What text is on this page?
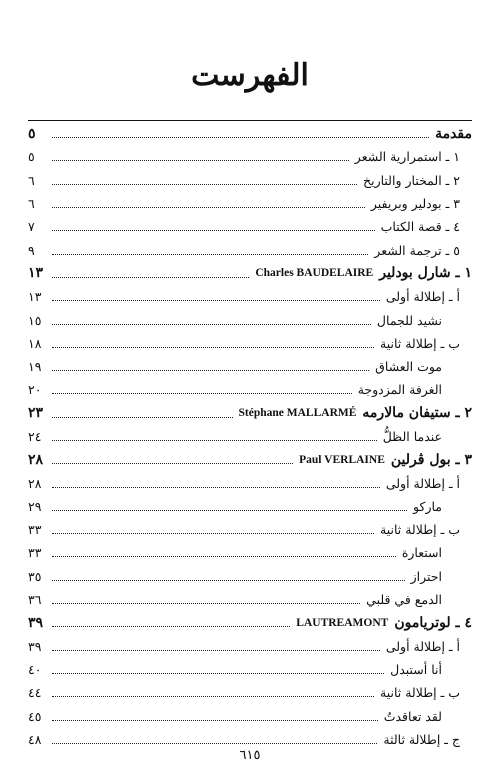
الفهرست
مقدمة
٥
١ ـ استمرارية الشعر
٥
٢ ـ المختار والتاريخ
٦
٣ ـ بودلير وبريفير
٦
٤ ـ قصة الكتاب
٧
٥ ـ ترجمة الشعر
٩
١ ـ شارل بودلير
Charles BAUDELAIRE
١٣
أ ـ إطلالة أولى
١٣
نشيد للجمال
١٥
ب ـ إطلالة ثانية
١٨
موت العشاق
١٩
الغرفة المزدوجة
٢٠
٢ ـ ستيفان مالارمه
Stéphane MALLARMÉ
٢٣
عندما الظلُّ
٢٤
٣ ـ بول ڤرلين
Paul VERLAINE
٢٨
أ ـ إطلالة أولى
٢٨
ماركو
٢٩
ب ـ إطلالة ثانية
٣٣
استعارة
٣٣
احتراز
٣٥
الدمع في قلبي
٣٦
٤ ـ لوتريامون
LAUTREAMONT
٣٩
أ ـ إطلالة أولى
٣٩
أنا أستبدل
٤٠
ب ـ إطلالة ثانية
٤٤
لقد تعاقدتُ
٤٥
ج ـ إطلالة ثالثة
٤٨
٦١٥
